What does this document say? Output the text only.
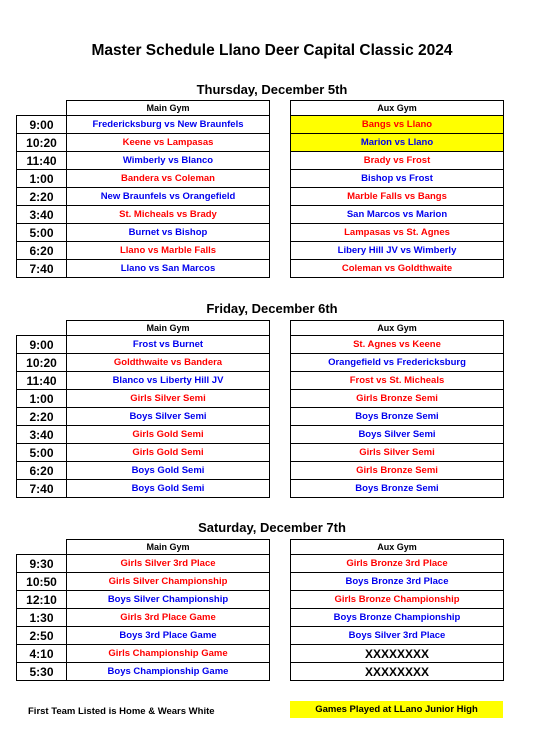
Master Schedule Llano Deer Capital Classic 2024
Thursday, December 5th
	Main Gym		Aux Gym
9:00	Fredericksburg vs New Braunfels		Bangs vs Llano
10:20	Keene vs Lampasas		Marion vs Llano
11:40	Wimberly vs Blanco		Brady vs Frost
1:00	Bandera vs Coleman		Bishop vs Frost
2:20	New Braunfels vs Orangefield		Marble Falls vs Bangs
3:40	St. Micheals vs Brady		San Marcos vs Marion
5:00	Burnet vs Bishop		Lampasas vs St. Agnes
6:20	Llano vs Marble Falls		Libery Hill JV vs Wimberly
7:40	Llano vs San Marcos		Coleman vs Goldthwaite
Friday, December 6th
	Main Gym		Aux Gym
9:00	Frost vs Burnet		St. Agnes vs Keene
10:20	Goldthwaite vs Bandera		Orangefield vs Fredericksburg
11:40	Blanco vs Liberty Hill JV		Frost vs St. Micheals
1:00	Girls Silver Semi		Girls Bronze Semi
2:20	Boys Silver Semi		Boys Bronze Semi
3:40	Girls Gold Semi		Boys Silver Semi
5:00	Girls Gold Semi		Girls Silver Semi
6:20	Boys Gold Semi		Girls Bronze Semi
7:40	Boys Gold Semi		Boys Bronze Semi
Saturday, December 7th
	Main Gym		Aux Gym
9:30	Girls Silver 3rd Place		Girls Bronze 3rd Place
10:50	Girls Silver Championship		Boys Bronze 3rd Place
12:10	Boys Silver Championship		Girls Bronze Championship
1:30	Girls 3rd Place Game		Boys Bronze Championship
2:50	Boys 3rd Place Game		Boys Silver 3rd Place
4:10	Girls Championship Game		XXXXXXXX
5:30	Boys Championship Game		XXXXXXXX
First Team Listed is Home & Wears White	Games Played at LLano Junior High
